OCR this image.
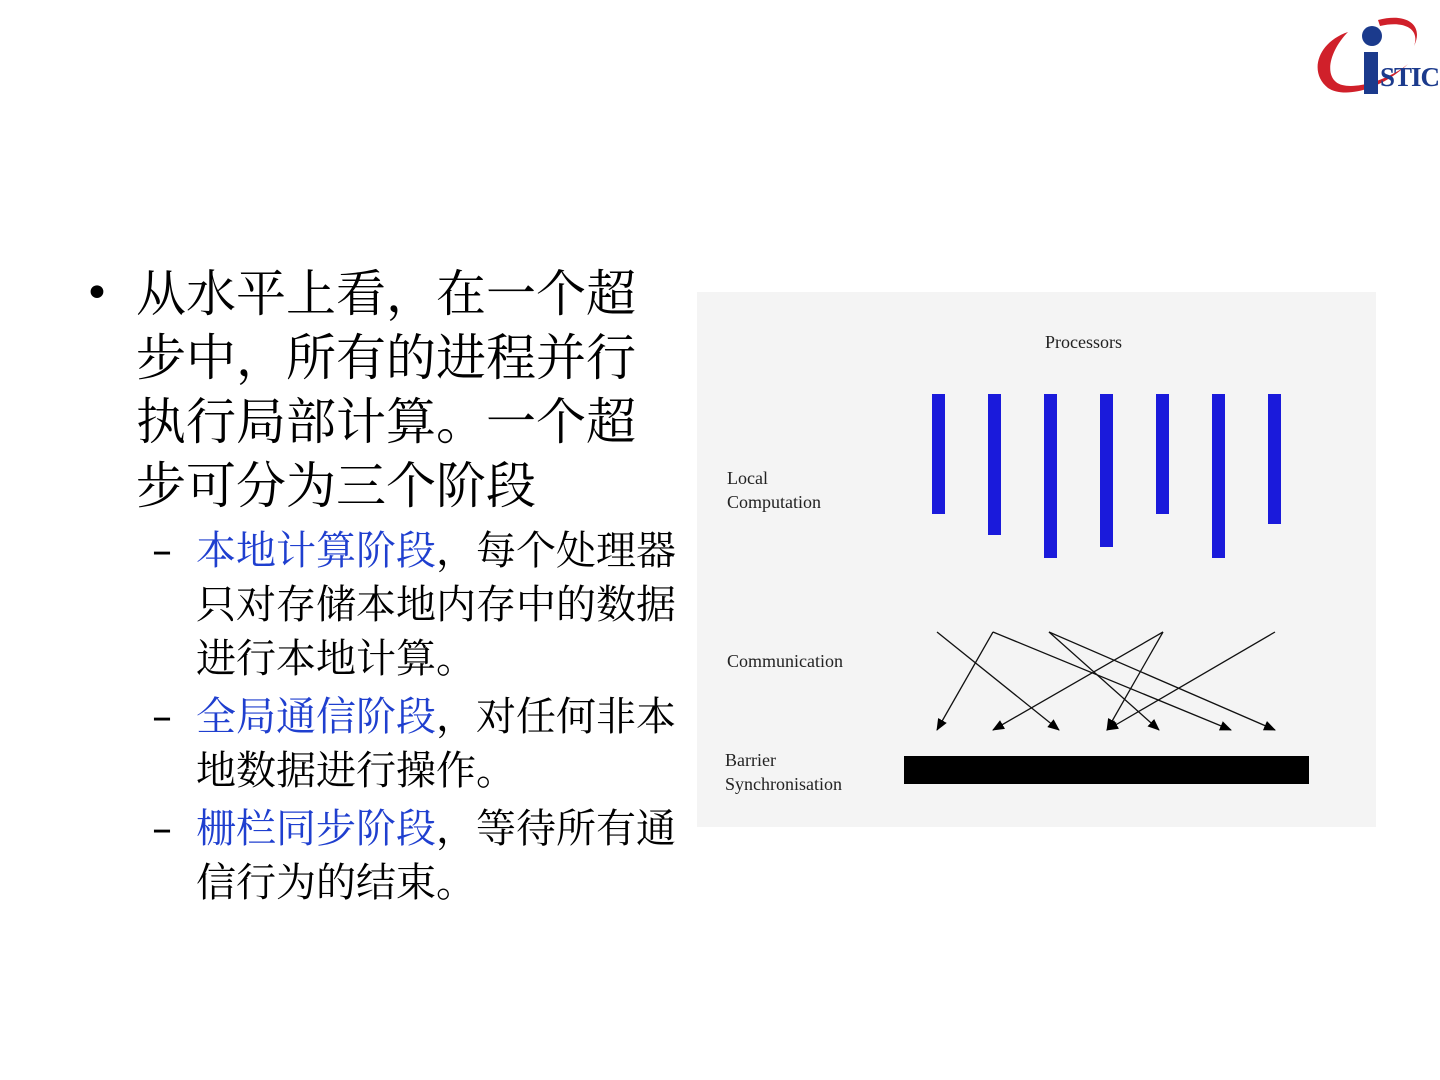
STIC
• 从水平上看，在一个超步中，所有的进程并行执行局部计算。一个超步可分为三个阶段
– 本地计算阶段，每个处理器只对存储本地内存中的数据进行本地计算。
– 全局通信阶段，对任何非本地数据进行操作。
– 栅栏同步阶段，等待所有通信行为的结束。
Processors
Local
Computation
Communication
Barrier
Synchronisation
